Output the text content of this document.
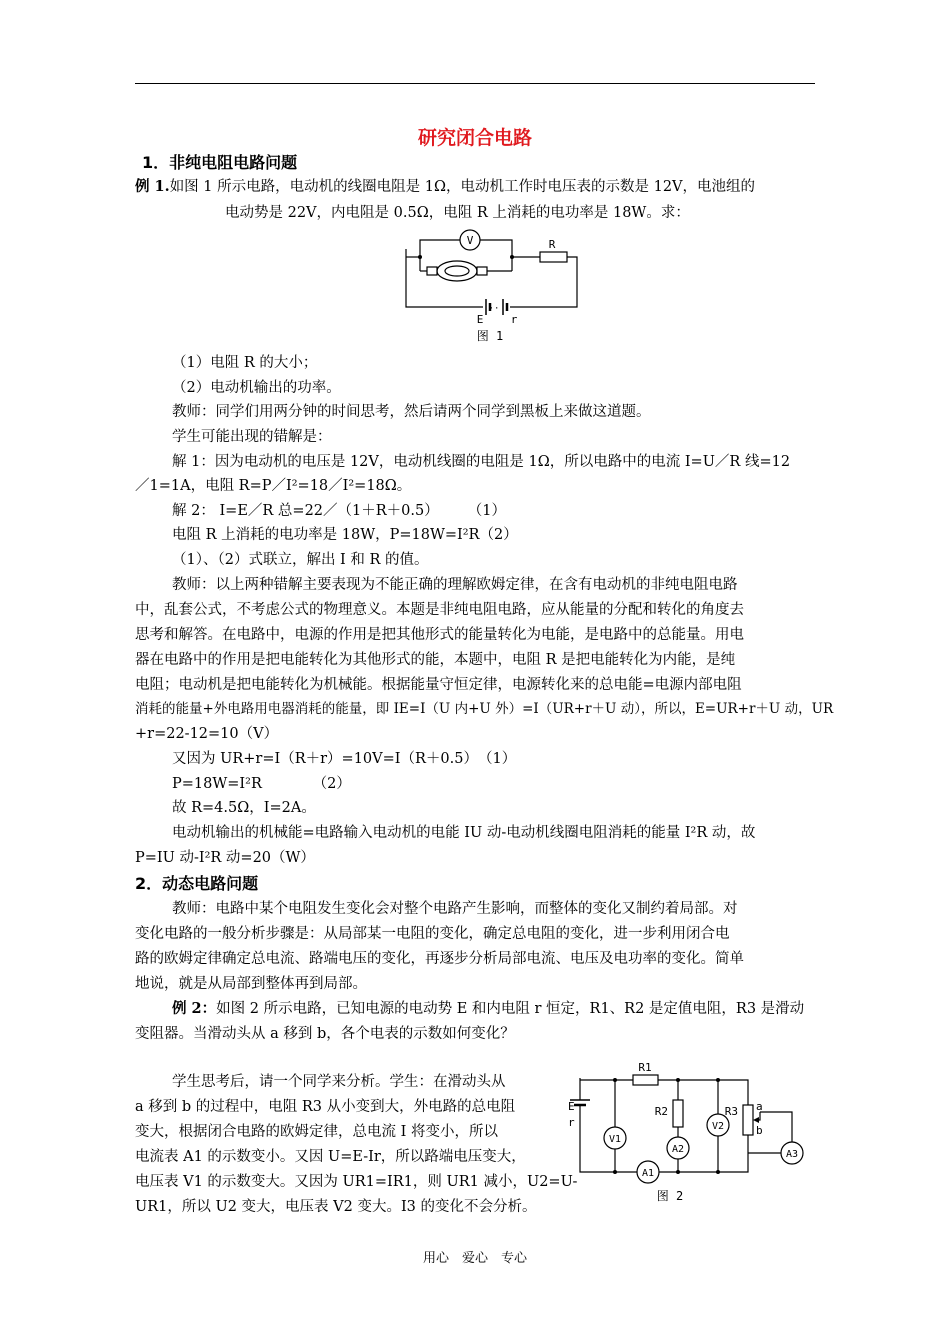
研究闭合电路
1．非纯电阻电路问题
例 1.如图 1 所示电路，电动机的线圈电阻是 1Ω，电动机工作时电压表的示数是 12V，电池组的
电动势是 22V，内电阻是 0.5Ω，电阻 R 上消耗的电功率是 18W。求：
V	R
··
E r
图 1
（1）电阻 R 的大小；
（2）电动机输出的功率。
教师：同学们用两分钟的时间思考，然后请两个同学到黑板上来做这道题。
学生可能出现的错解是：
解 1：因为电动机的电压是 12V，电动机线圈的电阻是 1Ω，所以电路中的电流 I=U／R 线=12
／1=1A，电阻 R=P／I²=18／I²=18Ω。
解 2： I=E／R 总=22／（1＋R＋0.5）　　　（1）
电阻 R 上消耗的电功率是 18W，P=18W=I²R（2）
（1）、（2）式联立，解出 I 和 R 的值。
教师：以上两种错解主要表现为不能正确的理解欧姆定律，在含有电动机的非纯电阻电路
中，乱套公式，不考虑公式的物理意义。本题是非纯电阻电路，应从能量的分配和转化的角度去
思考和解答。在电路中，电源的作用是把其他形式的能量转化为电能，是电路中的总能量。用电
器在电路中的作用是把电能转化为其他形式的能，本题中，电阻 R 是把电能转化为内能，是纯
电阻；电动机是把电能转化为机械能。根据能量守恒定律，电源转化来的总电能=电源内部电阻
消耗的能量+外电路用电器消耗的能量，即 IE=I（U 内+U 外）=I（UR+r＋U 动），所以，E=UR+r＋U 动，UR
+r=22-12=10（V）
又因为 UR+r=I（R＋r）=10V=I（R＋0.5）　（1）
P=18W=I²R　　　　（2）
故 R=4.5Ω，I=2A。
电动机输出的机械能=电路输入电动机的电能 IU 动-电动机线圈电阻消耗的能量 I²R 动，故
P=IU 动-I²R 动=20（W）
2．动态电路问题
教师：电路中某个电阻发生变化会对整个电路产生影响，而整体的变化又制约着局部。对
变化电路的一般分析步骤是：从局部某一电阻的变化，确定总电阻的变化，进一步利用闭合电
路的欧姆定律确定总电流、路端电压的变化，再逐步分析局部电流、电压及电功率的变化。简单
地说，就是从局部到整体再到局部。
例 2：如图 2 所示电路，已知电源的电动势 E 和内电阻 r 恒定，R1、R2 是定值电阻，R3 是滑动
变阻器。当滑动头从 a 移到 b，各个电表的示数如何变化？
学生思考后，请一个同学来分析。学生：在滑动头从
a 移到 b 的过程中，电阻 R3 从小变到大，外电路的总电阻
变大，根据闭合电路的欧姆定律，总电流 I 将变小，所以
电流表 A1 的示数变小。又因 U=E-Ir，所以路端电压变大，
电压表 V1 的示数变大。又因为 UR1=IR1，则 UR1 减小，U2=U-
UR1，所以 U2 变大，电压表 V2 变大。I3 的变化不会分析。
R1
E
r
V1
R2
A2
V2
R3 a
b
A1
A3
图 2
用心　爱心　专心
